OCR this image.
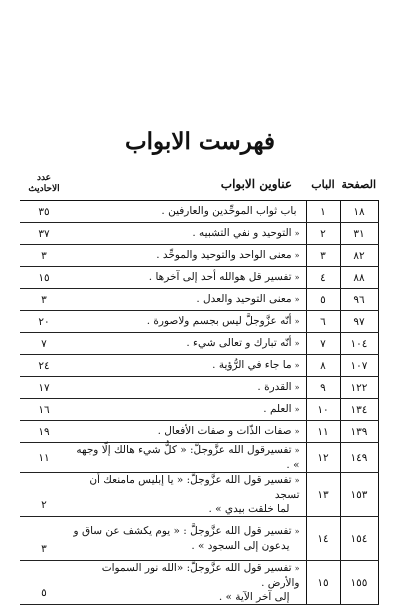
فهرست الابواب
الصفحة	الباب	عناوين الابواب	عدد الاحاديث
١٨	١	باب ثواب الموحِّدين والعارفين .	٣٥
٣١	٢	«التوحيد و نفي التشبيه .	٣٧
٨٢	٣	«معنى الواحد والتوحيد والموحِّد .	٣
٨٨	٤	«تفسير قل هوالله أحد إلى آخرها .	١٥
٩٦	٥	«معنى التوحيد والعدل .	٣
٩٧	٦	«أنّه عزَّوجلَّ ليس بجسم ولاصورة .	٢٠
١٠٤	٧	«أنّه تبارك و تعالى شيء .	٧
١٠٧	٨	«ما جاء في الرُّؤية .	٢٤
١٢٢	٩	«القدرة .	١٧
١٣٤	١٠	«العلم .	١٦
١٣٩	١١	«صفات الذّات و صفات الأفعال .	١٩
١٤٩	١٢	«تفسيرقول الله عزَّوجلَّ: « كلُّ شيء هالك إلّا وجهه » .	١١
١٥٣	١٣	«تفسير قول الله عزَّوجلَّ: « يا إبليس مامنعك أن تسجد
لما خلقت بيدي » .	٢
١٥٤	١٤	«تفسير قول الله عزَّوجلَّ : « يوم يكشف عن ساق و
يدعون إلى السجود » .	٣
١٥٥	١٥	«تفسير قول الله عزَّوجلَّ: «الله نور السموات والأرض .
إلى آخر الآية » .	٥
